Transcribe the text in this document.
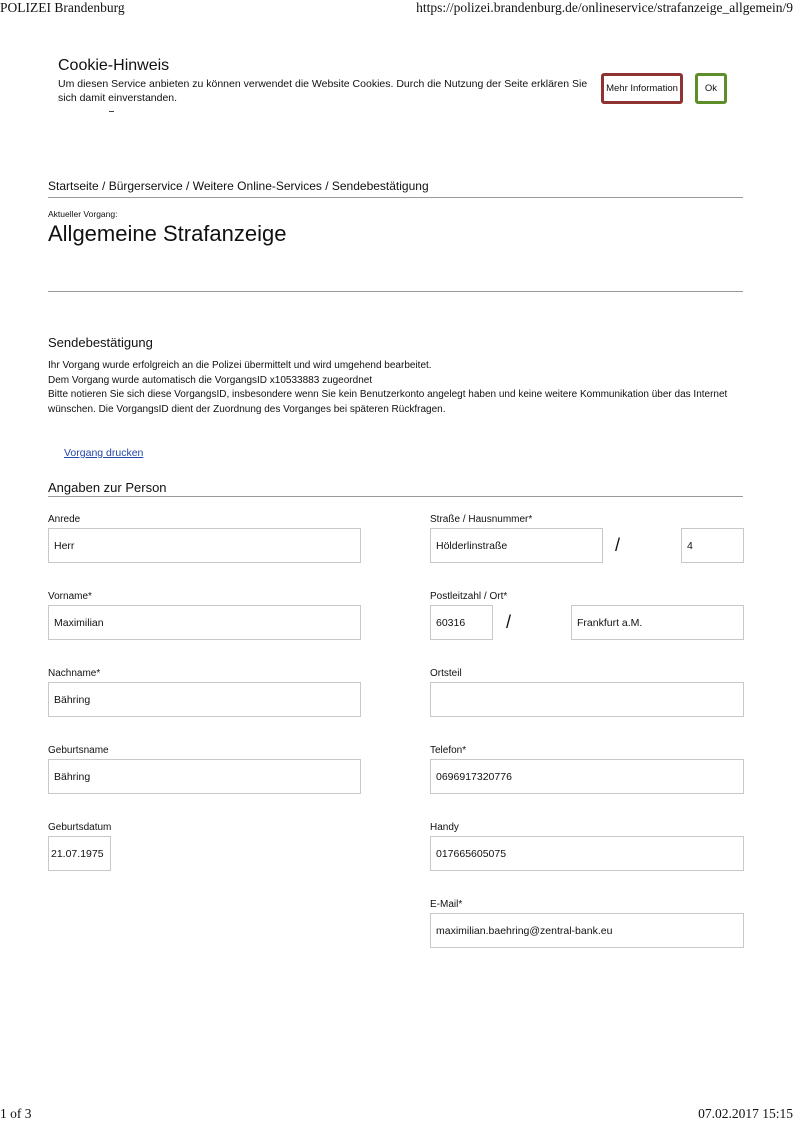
POLIZEI Brandenburg	https://polizei.brandenburg.de/onlineservice/strafanzeige_allgemein/9
Cookie-Hinweis
Um diesen Service anbieten zu können verwendet die Website Cookies. Durch die Nutzung der Seite erklären Sie sich damit einverstanden.
Mehr Information	Ok
Startseite / Bürgerservice / Weitere Online-Services / Sendebestätigung
Aktueller Vorgang:
Allgemeine Strafanzeige
Sendebestätigung
Ihr Vorgang wurde erfolgreich an die Polizei übermittelt und wird umgehend bearbeitet.
Dem Vorgang wurde automatisch die VorgangsID x10533883 zugeordnet
Bitte notieren Sie sich diese VorgangsID, insbesondere wenn Sie kein Benutzerkonto angelegt haben und keine weitere Kommunikation über das Internet wünschen. Die VorgangsID dient der Zuordnung des Vorganges bei späteren Rückfragen.
Vorgang drucken
Angaben zur Person
Anrede
Herr
Vorname*
Maximilian
Nachname*
Bähring
Geburtsname
Bähring
Geburtsdatum
21.07.1975
Straße / Hausnummer*
Hölderlinstraße	/	4
Postleitzahl / Ort*
60316	/	Frankfurt a.M.
Ortsteil
Telefon*
0696917320776
Handy
017665605075
E-Mail*
maximilian.baehring@zentral-bank.eu
1 of 3	07.02.2017 15:15
